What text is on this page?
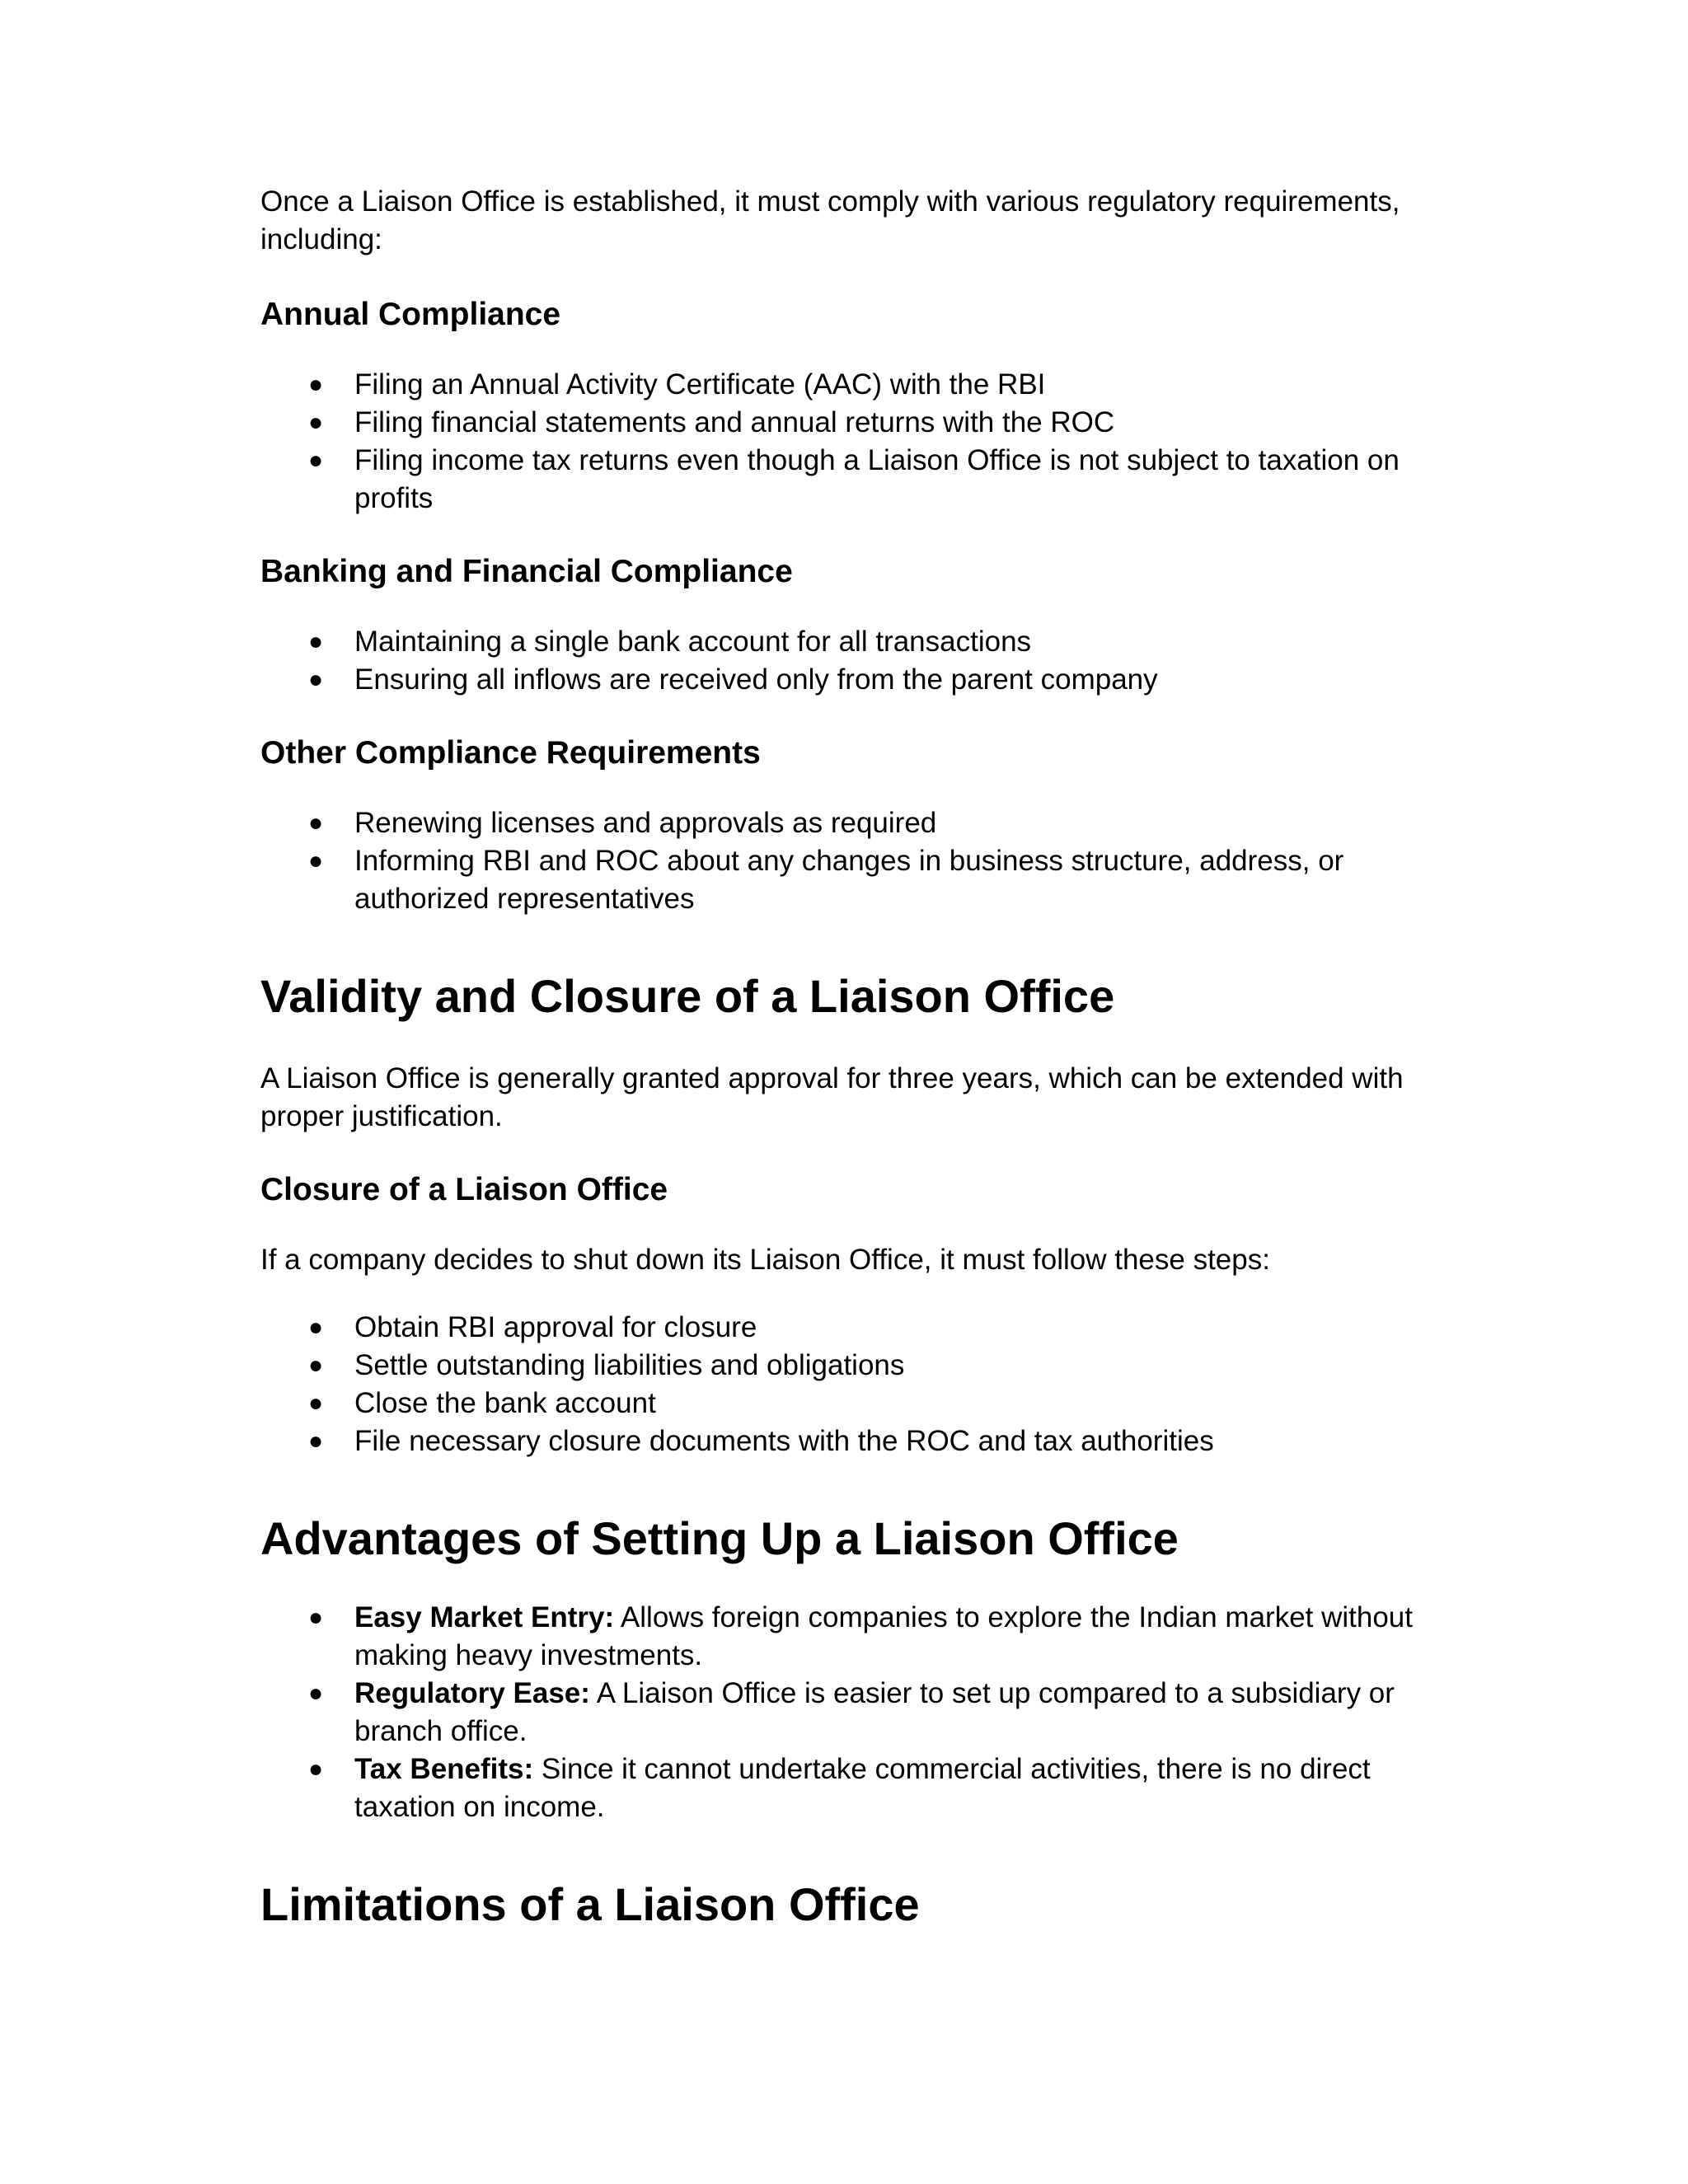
Once a Liaison Office is established, it must comply with various regulatory requirements, including:

Annual Compliance
● Filing an Annual Activity Certificate (AAC) with the RBI
● Filing financial statements and annual returns with the ROC
● Filing income tax returns even though a Liaison Office is not subject to taxation on profits
Banking and Financial Compliance
● Maintaining a single bank account for all transactions
● Ensuring all inflows are received only from the parent company
Other Compliance Requirements
● Renewing licenses and approvals as required
● Informing RBI and ROC about any changes in business structure, address, or authorized representatives
Validity and Closure of a Liaison Office

A Liaison Office is generally granted approval for three years, which can be extended with proper justification.

Closure of a Liaison Office

If a company decides to shut down its Liaison Office, it must follow these steps:

● Obtain RBI approval for closure
● Settle outstanding liabilities and obligations
● Close the bank account
● File necessary closure documents with the ROC and tax authorities
Advantages of Setting Up a Liaison Office
● Easy Market Entry: Allows foreign companies to explore the Indian market without making heavy investments.
● Regulatory Ease: A Liaison Office is easier to set up compared to a subsidiary or branch office.
● Tax Benefits: Since it cannot undertake commercial activities, there is no direct taxation on income.
Limitations of a Liaison Office
